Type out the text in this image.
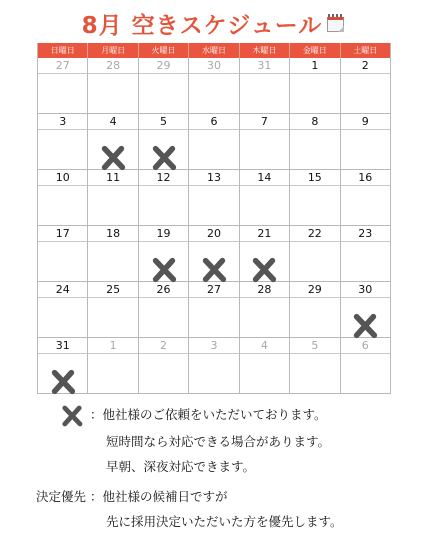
8月 空きスケジュール
日曜日	月曜日	火曜日	水曜日	木曜日	金曜日	土曜日
27	28	29	30	31	1	2
3	4	5	6	7	8	9
10	11	12	13	14	15	16
17	18	19	20	21	22	23
24	25	26	27	28	29	30
31	1	2	3	4	5	6
：他社様のご依頼をいただいております。
短時間なら対応できる場合があります。
早朝、深夜対応できます。
決定優先 ：他社様の候補日ですが
先に採用決定いただいた方を優先します。
